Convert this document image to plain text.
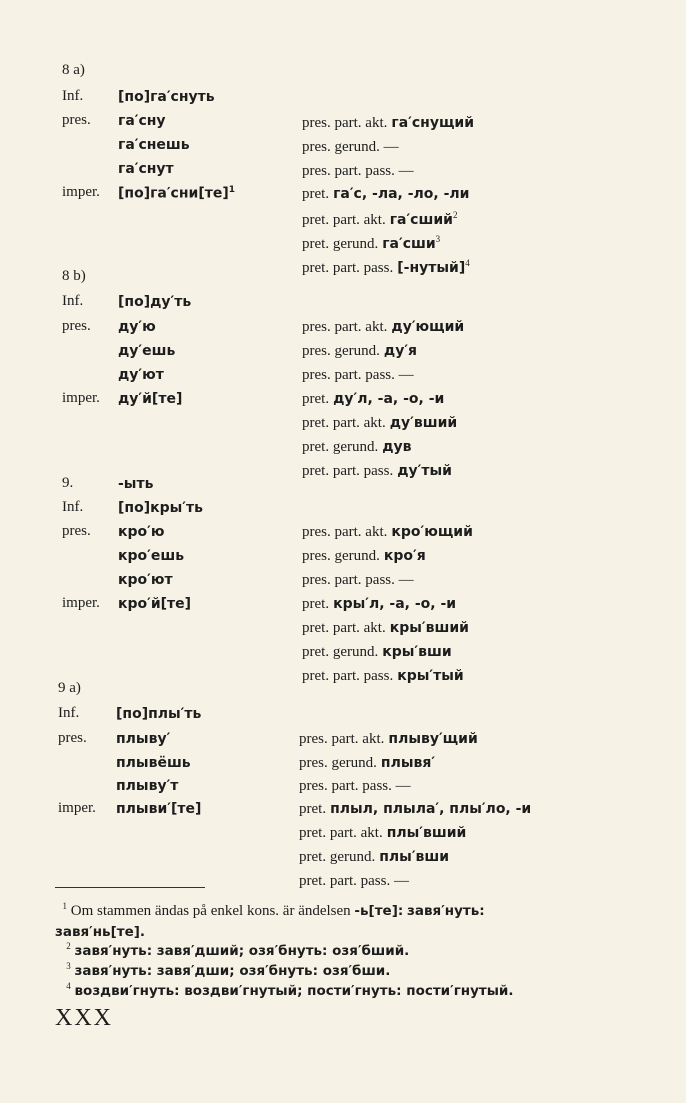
8 a)
Inf. [по]га′снуть
pres. га′сну
га′снешь
га′снут
imper. [по]га′сни[те]$^1$
pres. part. akt. га′снущий
pres. gerund. —
pres. part. pass. —
pret. га′с, -ла, -ло, -ли
pret. part. akt. га′сший$^2$
pret. gerund. га′сши$^3$
pret. part. pass. [-нутый]$^4$
8 b)
Inf. [по]ду′ть
pres. ду′ю
ду′ешь
ду′ют
imper. ду′й[те]
pres. part. akt. ду′ющий
pres. gerund. ду′я
pres. part. pass. —
pret. ду′л, -а, -о, -и
pret. part. akt. ду′вший
pret. gerund. дув
pret. part. pass. ду′тый
9.	-ыть
Inf. [по]кры′ть
pres. кро′ю
кро′ешь
кро′ют
imper. кро′й[те]
pres. part. akt. кро′ющий
pres. gerund. кро′я
pres. part. pass. —
pret. кры′л, -а, -о, -и
pret. part. akt. кры′вший
pret. gerund. кры′вши
pret. part. pass. кры′тый
9 a)
Inf.	[по]плы′ть
pres. плыву′
плывёшь
плыву′т
imper. плыви′[те]
pres. part. akt. плыву′щий
pres. gerund. плывя′
pres. part. pass. —
pret. плыл, плыла′, плы′ло, -и
pret. part. akt. плы′вший
pret. gerund. плы′вши
pret. part. pass. —
$^1$ Om stammen ändas på enkel kons. är ändelsen -ь[те]: завя′нуть:
завя′нь[те].
$^2$ завя′нуть: завя′дший; озя′бнуть: озя′бший.
$^3$ завя′нуть: завя′дши; озя′бнуть: озя′бши.
$^4$ воздви′гнуть: воздви′гнутый; пости′гнуть: пости′гнутый.
XXX
